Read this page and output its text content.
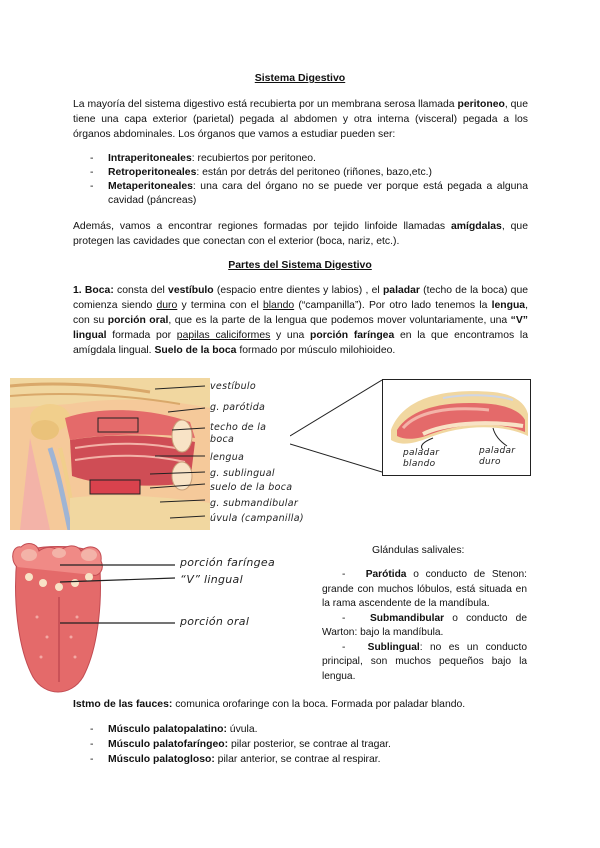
Sistema Digestivo
La mayoría del sistema digestivo está recubierta por un membrana serosa llamada peritoneo, que tiene una capa exterior (parietal) pegada al abdomen y otra interna (visceral) pegada a los órganos abdominales. Los órganos que vamos a estudiar pueden ser:
- Intraperitoneales: recubiertos por peritoneo.
- Retroperitoneales: están por detrás del peritoneo (riñones, bazo,etc.)
- Metaperitoneales: una cara del órgano no se puede ver porque está pegada a alguna cavidad (páncreas)
Además, vamos a encontrar regiones formadas por tejido linfoide llamadas amígdalas, que protegen las cavidades que conectan con el exterior (boca, nariz, etc.).
Partes del Sistema Digestivo
1. Boca: consta del vestíbulo (espacio entre dientes y labios) , el paladar (techo de la boca) que comienza siendo duro y termina con el blando (“campanilla”). Por otro lado tenemos la lengua, con su porción oral, que es la parte de la lengua que podemos mover voluntariamente, una “V” lingual formada por papilas caliciformes y una porción faríngea en la que encontramos la amígdala lingual. Suelo de la boca formado por músculo milohioideo.
vestíbulo
g. parótida
techo de la boca
lengua
g. sublingual
suelo de la boca
g. submandibular
úvula (campanilla)
paladar blando
paladar duro
porción faríngea
“V” lingual
porción oral
Glándulas salivales:

-   Parótida o conducto de Stenon: grande con muchos lóbulos, está situada en la rama ascendente de la mandíbula.

-   Submandibular o conducto de Warton: bajo la mandíbula.

-   Sublingual: no es un conducto principal, son muchos pequeños bajo la lengua.

Istmo de las fauces: comunica orofaringe con la boca. Formada por paladar blando.
- Músculo palatopalatino: úvula.
- Músculo palatofaríngeo: pilar posterior, se contrae al tragar.
- Músculo palatogloso: pilar anterior, se contrae al respirar.
